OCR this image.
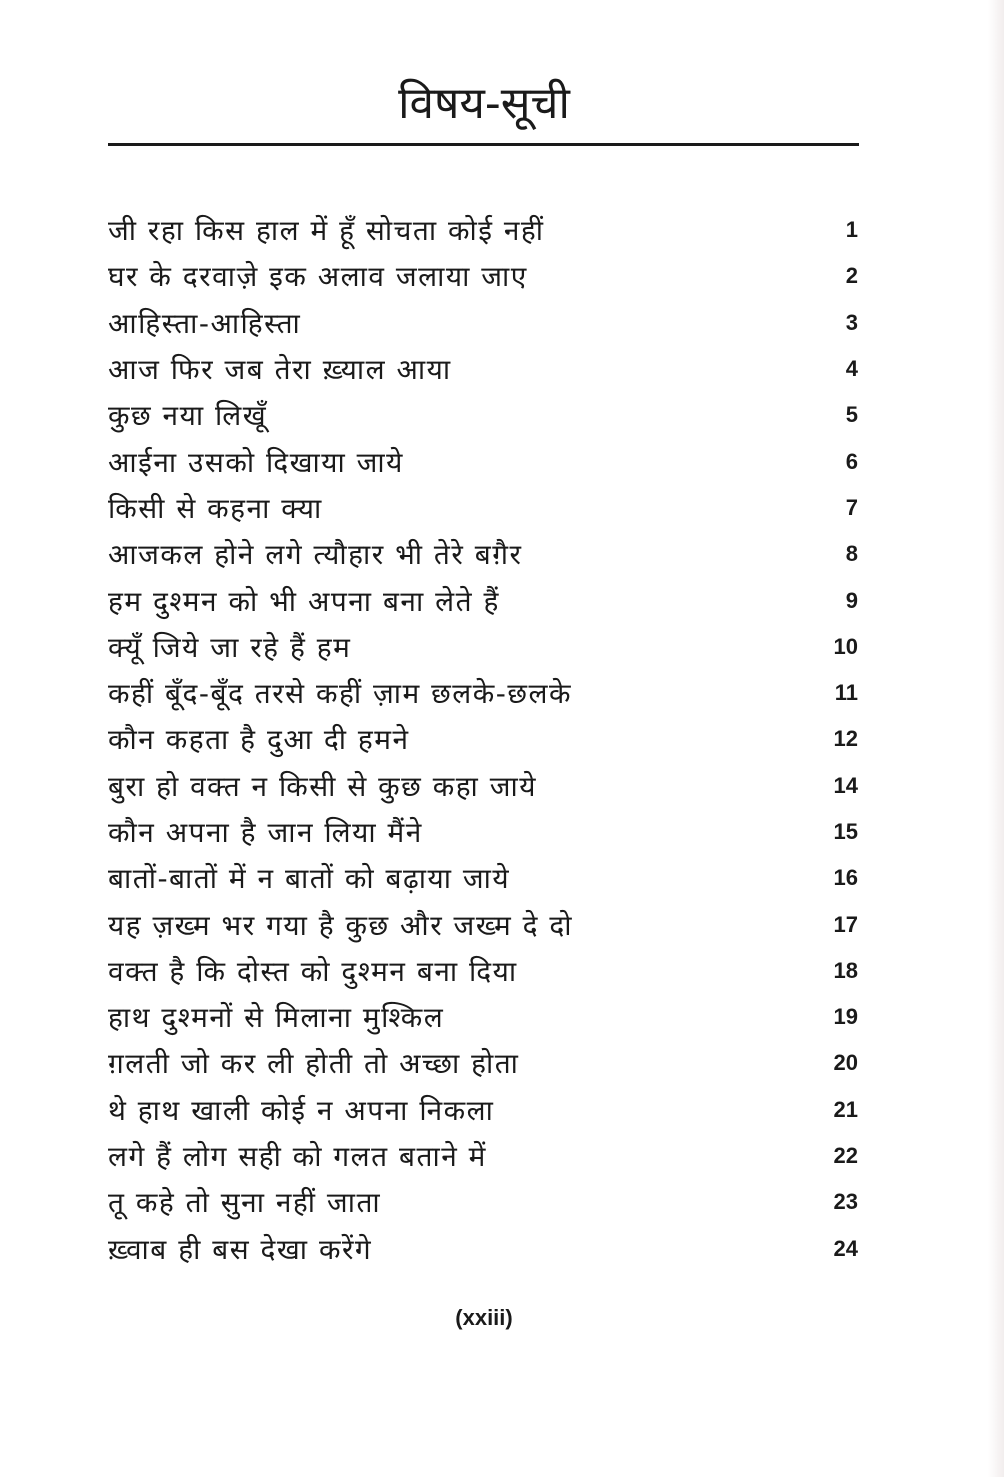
विषय-सूची
जी रहा किस हाल में हूँ सोचता कोई नहीं	1
घर के दरवाज़े इक अलाव जलाया जाए	2
आहिस्ता-आहिस्ता	3
आज फिर जब तेरा ख़्याल आया	4
कुछ नया लिखूँ	5
आईना उसको दिखाया जाये	6
किसी से कहना क्या	7
आजकल होने लगे त्यौहार भी तेरे बग़ैर	8
हम दुश्मन को भी अपना बना लेते हैं	9
क्यूँ जिये जा रहे हैं हम	10
कहीं बूँद-बूँद तरसे कहीं ज़ाम छलके-छलके	11
कौन कहता है दुआ दी हमने	12
बुरा हो वक्त न किसी से कुछ कहा जाये	14
कौन अपना है जान लिया मैंने	15
बातों-बातों में न बातों को बढ़ाया जाये	16
यह ज़ख्म भर गया है कुछ और जख्म दे दो	17
वक्त है कि दोस्त को दुश्मन बना दिया	18
हाथ दुश्मनों से मिलाना मुश्किल	19
ग़लती जो कर ली होती तो अच्छा होता	20
थे हाथ खाली कोई न अपना निकला	21
लगे हैं लोग सही को गलत बताने में	22
तू कहे तो सुना नहीं जाता	23
ख़्वाब ही बस देखा करेंगे	24
(xxiii)
